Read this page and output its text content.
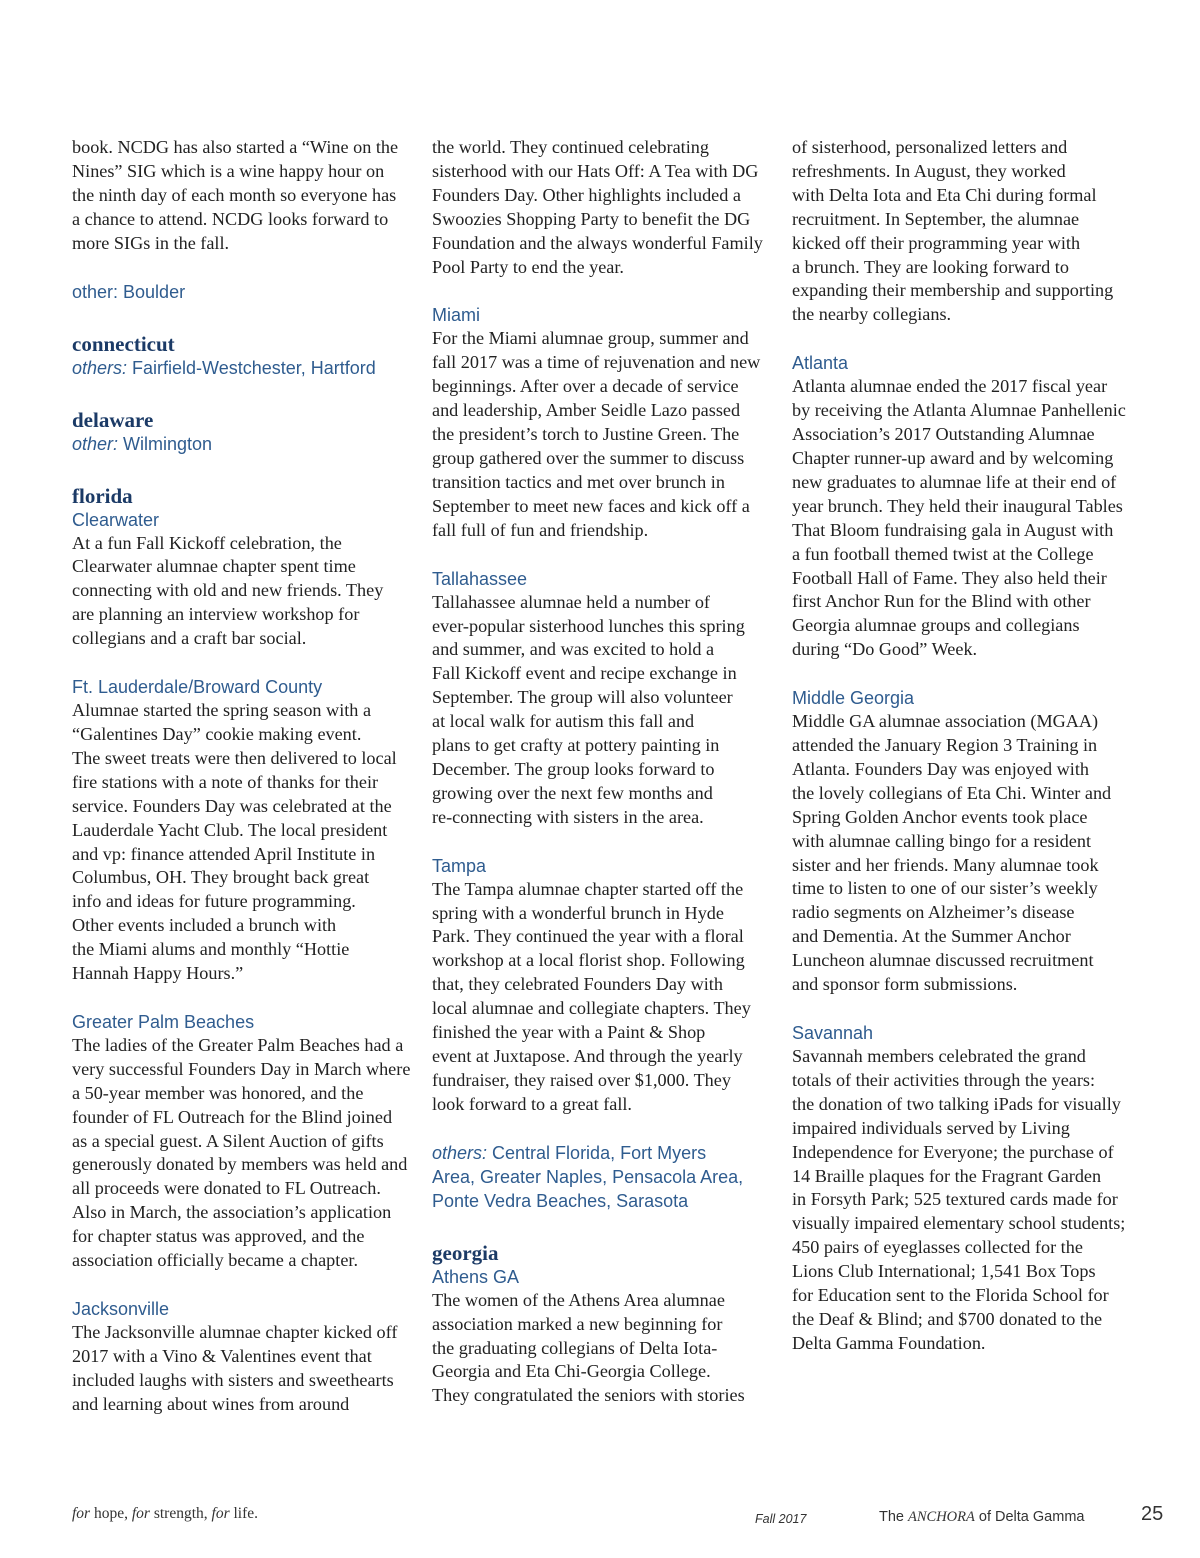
book. NCDG has also started a “Wine on the
Nines” SIG which is a wine happy hour on
the ninth day of each month so everyone has
a chance to attend. NCDG looks forward to
more SIGs in the fall.

other: Boulder

connecticut

others: Fairfield-Westchester, Hartford

delaware

other: Wilmington

florida

Clearwater

At a fun Fall Kickoff celebration, the
Clearwater alumnae chapter spent time
connecting with old and new friends. They
are planning an interview workshop for
collegians and a craft bar social.

Ft. Lauderdale/Broward County

Alumnae started the spring season with a
“Galentines Day” cookie making event.
The sweet treats were then delivered to local
fire stations with a note of thanks for their
service. Founders Day was celebrated at the
Lauderdale Yacht Club. The local president
and vp: finance attended April Institute in
Columbus, OH. They brought back great
info and ideas for future programming.
Other events included a brunch with
the Miami alums and monthly “Hottie
Hannah Happy Hours.”

Greater Palm Beaches

The ladies of the Greater Palm Beaches had a
very successful Founders Day in March where
a 50-year member was honored, and the
founder of FL Outreach for the Blind joined
as a special guest. A Silent Auction of gifts
generously donated by members was held and
all proceeds were donated to FL Outreach.
Also in March, the association’s application
for chapter status was approved, and the
association officially became a chapter.

Jacksonville

The Jacksonville alumnae chapter kicked off
2017 with a Vino & Valentines event that
included laughs with sisters and sweethearts
and learning about wines from around

the world. They continued celebrating
sisterhood with our Hats Off: A Tea with DG
Founders Day. Other highlights included a
Swoozies Shopping Party to benefit the DG
Foundation and the always wonderful Family
Pool Party to end the year.

Miami

For the Miami alumnae group, summer and
fall 2017 was a time of rejuvenation and new
beginnings. After over a decade of service
and leadership, Amber Seidle Lazo passed
the president’s torch to Justine Green. The
group gathered over the summer to discuss
transition tactics and met over brunch in
September to meet new faces and kick off a
fall full of fun and friendship.

Tallahassee

Tallahassee alumnae held a number of
ever-popular sisterhood lunches this spring
and summer, and was excited to hold a
Fall Kickoff event and recipe exchange in
September. The group will also volunteer
at local walk for autism this fall and
plans to get crafty at pottery painting in
December. The group looks forward to
growing over the next few months and
re-connecting with sisters in the area.

Tampa

The Tampa alumnae chapter started off the
spring with a wonderful brunch in Hyde
Park. They continued the year with a floral
workshop at a local florist shop. Following
that, they celebrated Founders Day with
local alumnae and collegiate chapters. They
finished the year with a Paint & Shop
event at Juxtapose. And through the yearly
fundraiser, they raised over $1,000. They
look forward to a great fall.

others: Central Florida, Fort Myers
Area, Greater Naples, Pensacola Area,
Ponte Vedra Beaches, Sarasota

georgia

Athens GA

The women of the Athens Area alumnae
association marked a new beginning for
the graduating collegians of Delta Iota-
Georgia and Eta Chi-Georgia College.
They congratulated the seniors with stories

of sisterhood, personalized letters and
refreshments. In August, they worked
with Delta Iota and Eta Chi during formal
recruitment. In September, the alumnae
kicked off their programming year with
a brunch. They are looking forward to
expanding their membership and supporting
the nearby collegians.

Atlanta

Atlanta alumnae ended the 2017 fiscal year
by receiving the Atlanta Alumnae Panhellenic
Association’s 2017 Outstanding Alumnae
Chapter runner-up award and by welcoming
new graduates to alumnae life at their end of
year brunch. They held their inaugural Tables
That Bloom fundraising gala in August with
a fun football themed twist at the College
Football Hall of Fame. They also held their
first Anchor Run for the Blind with other
Georgia alumnae groups and collegians
during “Do Good” Week.

Middle Georgia

Middle GA alumnae association (MGAA)
attended the January Region 3 Training in
Atlanta. Founders Day was enjoyed with
the lovely collegians of Eta Chi. Winter and
Spring Golden Anchor events took place
with alumnae calling bingo for a resident
sister and her friends. Many alumnae took
time to listen to one of our sister’s weekly
radio segments on Alzheimer’s disease
and Dementia. At the Summer Anchor
Luncheon alumnae discussed recruitment
and sponsor form submissions.

Savannah

Savannah members celebrated the grand
totals of their activities through the years:
the donation of two talking iPads for visually
impaired individuals served by Living
Independence for Everyone; the purchase of
14 Braille plaques for the Fragrant Garden
in Forsyth Park; 525 textured cards made for
visually impaired elementary school students;
450 pairs of eyeglasses collected for the
Lions Club International; 1,541 Box Tops
for Education sent to the Florida School for
the Deaf & Blind; and $700 donated to the
Delta Gamma Foundation.

for hope, for strength, for life.	Fall 2017	The ANCHORA of Delta Gamma	25
